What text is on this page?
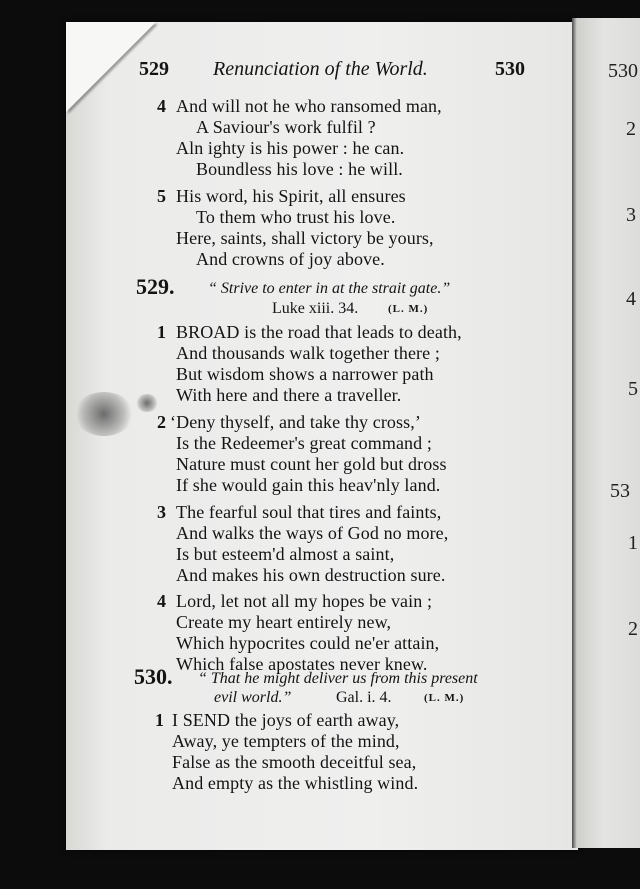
530
2
3
4
5
53
1
2
529 Renunciation of the World.	530
4 And will not he who ransomed man,
A Saviour's work fulfil ?
Aln ighty is his power : he can.
Boundless his love : he will.
5 His word, his Spirit, all ensures
To them who trust his love.
Here, saints, shall victory be yours,
And crowns of joy above.
529. “ Strive to enter in at the strait gate.”
Luke xiii. 34.	(L. M.)
1 BROAD is the road that leads to death,
And thousands walk together there ;
But wisdom shows a narrower path
With here and there a traveller.
2 ‘Deny thyself, and take thy cross,’
Is the Redeemer's great command ;
Nature must count her gold but dross
If she would gain this heav'nly land.
3 The fearful soul that tires and faints,
And walks the ways of God no more,
Is but esteem'd almost a saint,
And makes his own destruction sure.
4 Lord, let not all my hopes be vain ;
Create my heart entirely new,
Which hypocrites could ne'er attain,
Which false apostates never knew.
530. “ That he might deliver us from this present
evil world.”	Gal. i. 4.	(L. M.)
1 I SEND the joys of earth away,
Away, ye tempters of the mind,
False as the smooth deceitful sea,
And empty as the whistling wind.
